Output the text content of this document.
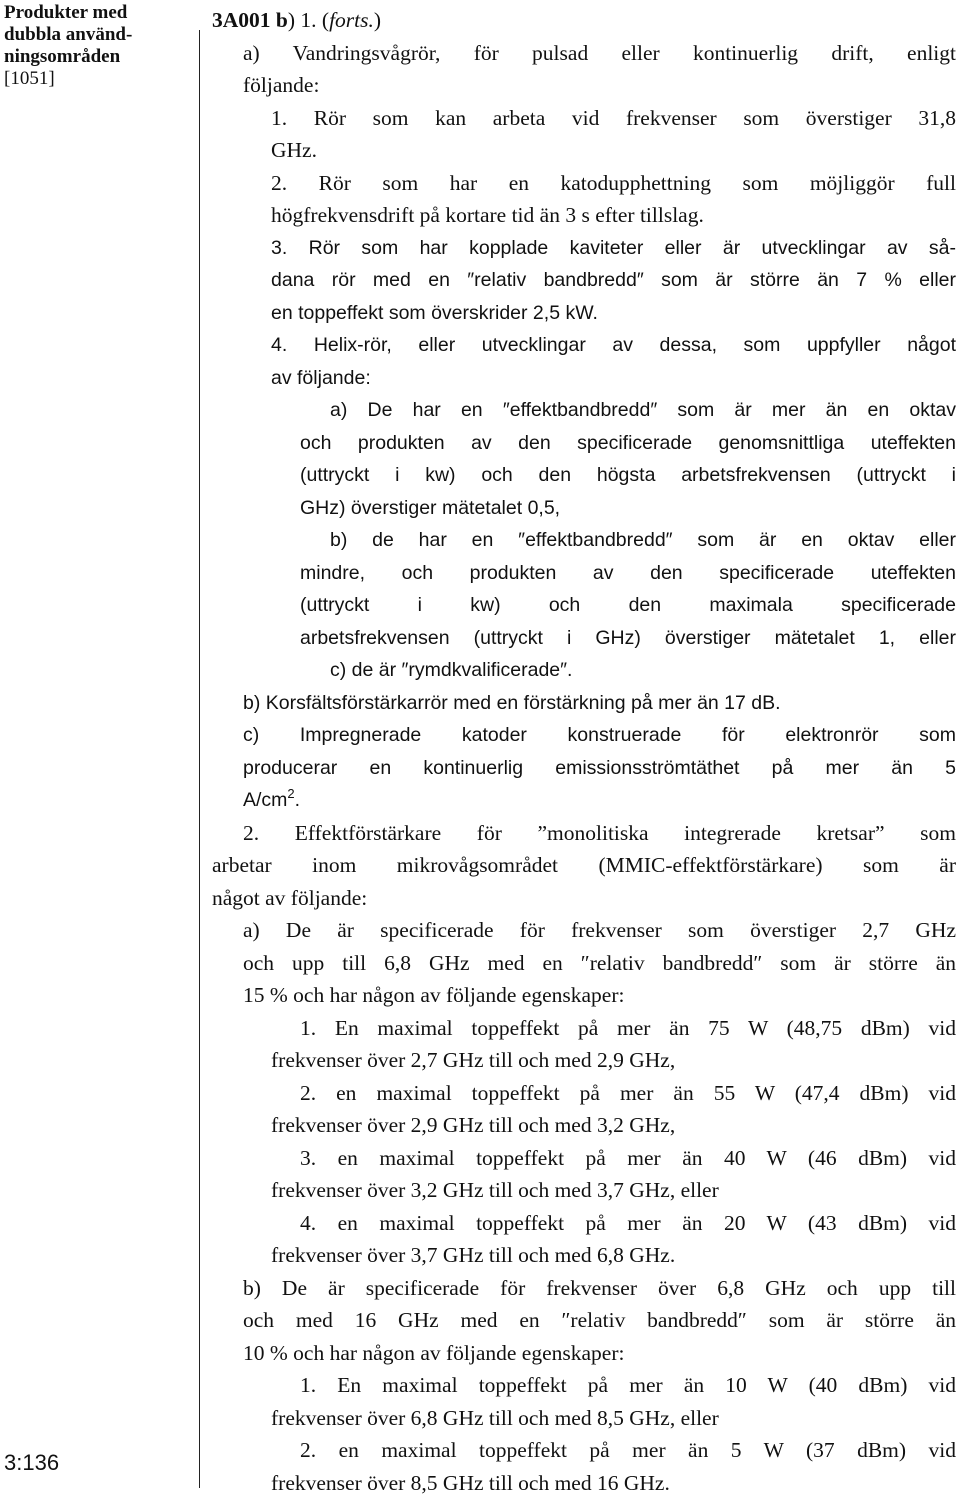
Produkter med
dubbla använd-
ningsområden
[1051]
3:136
3A001 b) 1. (forts.)
a) Vandringsvågrör, för pulsad eller kontinuerlig drift, enligt
följande:
1. Rör som kan arbeta vid frekvenser som överstiger 31,8
GHz.
2. Rör som har en katodupphettning som möjliggör full
högfrekvensdrift på kortare tid än 3 s efter tillslag.
3. Rör som har kopplade kaviteter eller är utvecklingar av så-
dana rör med en ″relativ bandbredd″ som är större än 7 % eller
en toppeffekt som överskrider 2,5 kW.
4. Helix-rör, eller utvecklingar av dessa, som uppfyller något
av följande:
a) De har en ″effektbandbredd″ som är mer än en oktav
och produkten av den specificerade genomsnittliga uteffekten
(uttryckt i kw) och den högsta arbetsfrekvensen (uttryckt i
GHz) överstiger mätetalet 0,5,
b) de har en ″effektbandbredd″ som är en oktav eller
mindre, och produkten av den specificerade uteffekten
(uttryckt i kw) och den maximala specificerade
arbetsfrekvensen (uttryckt i GHz) överstiger mätetalet 1, eller
c) de är ″rymdkvalificerade″.
b) Korsfältsförstärkarrör med en förstärkning på mer än 17 dB.
c) Impregnerade katoder konstruerade för elektronrör som
producerar en kontinuerlig emissionsströmtäthet på mer än 5
$A/cm^2$.
2. Effektförstärkare för ”monolitiska integrerade kretsar” som
arbetar inom mikrovågsområdet (MMIC-effektförstärkare) som är
något av följande:
a) De är specificerade för frekvenser som överstiger 2,7 GHz
och upp till 6,8 GHz med en ″relativ bandbredd″ som är större än
15 % och har någon av följande egenskaper:
1. En maximal toppeffekt på mer än 75 W (48,75 dBm) vid
frekvenser över 2,7 GHz till och med 2,9 GHz,
2. en maximal toppeffekt på mer än 55 W (47,4 dBm) vid
frekvenser över 2,9 GHz till och med 3,2 GHz,
3. en maximal toppeffekt på mer än 40 W (46 dBm) vid
frekvenser över 3,2 GHz till och med 3,7 GHz, eller
4. en maximal toppeffekt på mer än 20 W (43 dBm) vid
frekvenser över 3,7 GHz till och med 6,8 GHz.
b) De är specificerade för frekvenser över 6,8 GHz och upp till
och med 16 GHz med en ″relativ bandbredd″ som är större än
10 % och har någon av följande egenskaper:
1. En maximal toppeffekt på mer än 10 W (40 dBm) vid
frekvenser över 6,8 GHz till och med 8,5 GHz, eller
2. en maximal toppeffekt på mer än 5 W (37 dBm) vid
frekvenser över 8,5 GHz till och med 16 GHz.
